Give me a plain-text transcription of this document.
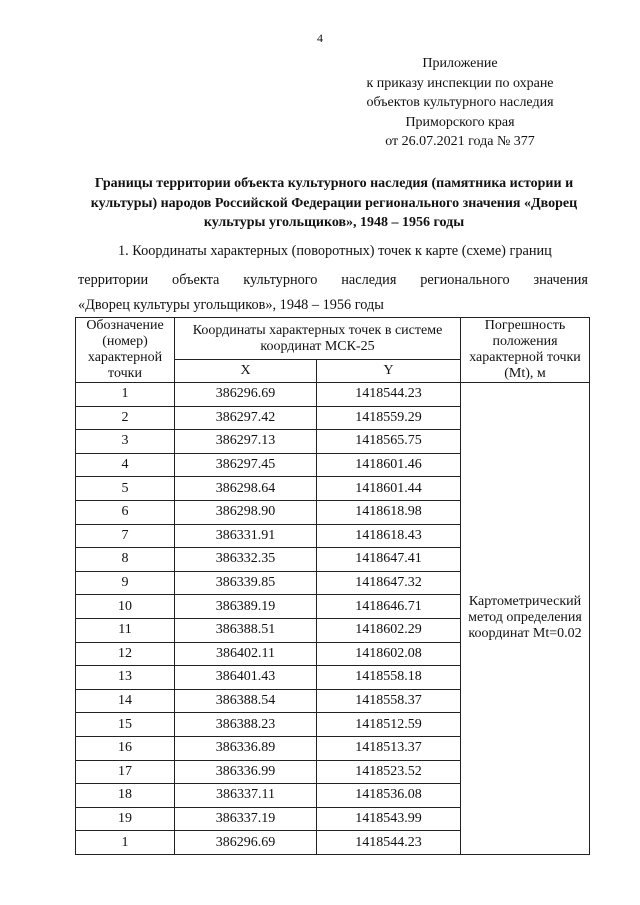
4
Приложение
к приказу инспекции по охране
объектов культурного наследия
Приморского края
от 26.07.2021 года № 377
Границы территории объекта культурного наследия (памятника истории и культуры) народов Российской Федерации регионального значения «Дворец культуры угольщиков», 1948 – 1956 годы
1. Координаты характерных (поворотных) точек к карте (схеме) границ
территории объекта культурного наследия регионального значения
«Дворец культуры угольщиков», 1948 – 1956 годы
Обозначение (номер) характерной точки	Координаты характерных точек в системе координат МСК-25		Погрешность положения характерной точки (Mt), м
	X	Y	
1	386296.69	1418544.23	Картометрический метод определения координат Mt=0.02
2	386297.42	1418559.29	
3	386297.13	1418565.75	
4	386297.45	1418601.46	
5	386298.64	1418601.44	
6	386298.90	1418618.98	
7	386331.91	1418618.43	
8	386332.35	1418647.41	
9	386339.85	1418647.32	
10	386389.19	1418646.71	
11	386388.51	1418602.29	
12	386402.11	1418602.08	
13	386401.43	1418558.18	
14	386388.54	1418558.37	
15	386388.23	1418512.59	
16	386336.89	1418513.37	
17	386336.99	1418523.52	
18	386337.11	1418536.08	
19	386337.19	1418543.99	
1	386296.69	1418544.23	
